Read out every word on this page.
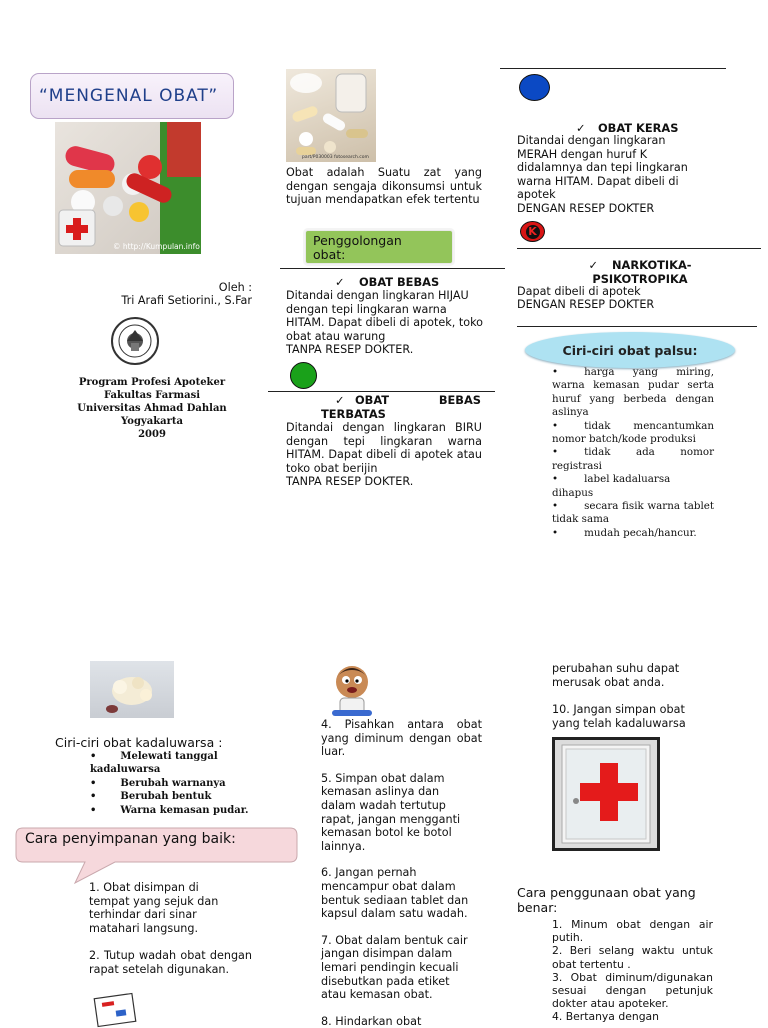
“MENGENAL OBAT”
© http://Kumpulan.info
Oleh :
Tri Arafi Setiorini., S.Far
Program Profesi Apoteker
Fakultas Farmasi
Universitas Ahmad Dahlan
Yogyakarta
2009
part/P030003 fotosearch.com
Obat adalah Suatu zat yang dengan sengaja dikonsumsi untuk tujuan mendapatkan efek tertentu
Penggolongan obat:
✓ OBAT BEBAS
Ditandai dengan lingkaran HIJAU dengan tepi lingkaran warna HITAM. Dapat dibeli di apotek, toko obat atau warung
TANPA RESEP DOKTER.
✓ OBAT	BEBAS
TERBATAS
Ditandai dengan lingkaran BIRU dengan tepi lingkaran warna HITAM. Dapat dibeli di apotek atau toko obat berijin
TANPA RESEP DOKTER.
✓ OBAT KERAS
Ditandai dengan lingkaran MERAH dengan huruf K didalamnya dan tepi lingkaran warna HITAM. Dapat dibeli di apotek
DENGAN RESEP DOKTER
K
✓ NARKOTIKA-
PSIKOTROPIKA
Dapat dibeli di apotek
DENGAN RESEP DOKTER
Ciri-ciri obat palsu:
•	harga yang miring, warna kemasan pudar serta huruf yang berbeda dengan aslinya
•	tidak mencantumkan nomor batch/kode produksi
•	tidak ada nomor registrasi
•	label kadaluarsa dihapus
•	secara fisik warna tablet tidak sama
•	mudah pecah/hancur.
Ciri-ciri obat kadaluwarsa :
• Melewati tanggal kadaluwarsa
• Berubah warnanya
• Berubah bentuk
• Warna kemasan pudar.
Cara penyimpanan yang baik:
1. Obat disimpan di tempat yang sejuk dan terhindar dari sinar matahari langsung.
2. Tutup wadah obat dengan rapat setelah digunakan.
4. Pisahkan antara obat yang diminum dengan obat luar.
5. Simpan obat dalam kemasan aslinya dan dalam wadah tertutup rapat, jangan mengganti kemasan botol ke botol lainnya.
6. Jangan pernah mencampur obat dalam bentuk sediaan tablet dan kapsul dalam satu wadah.
7. Obat dalam bentuk cair jangan disimpan dalam lemari pendingin kecuali disebutkan pada etiket atau kemasan obat.
8. Hindarkan obat
perubahan suhu dapat merusak obat anda.
10. Jangan simpan obat yang telah kadaluwarsa
Cara penggunaan obat yang benar:
1. Minum obat dengan air putih.
2. Beri selang waktu untuk obat tertentu .
3. Obat diminum/digunakan sesuai dengan petunjuk dokter atau apoteker.
4. Bertanya dengan
